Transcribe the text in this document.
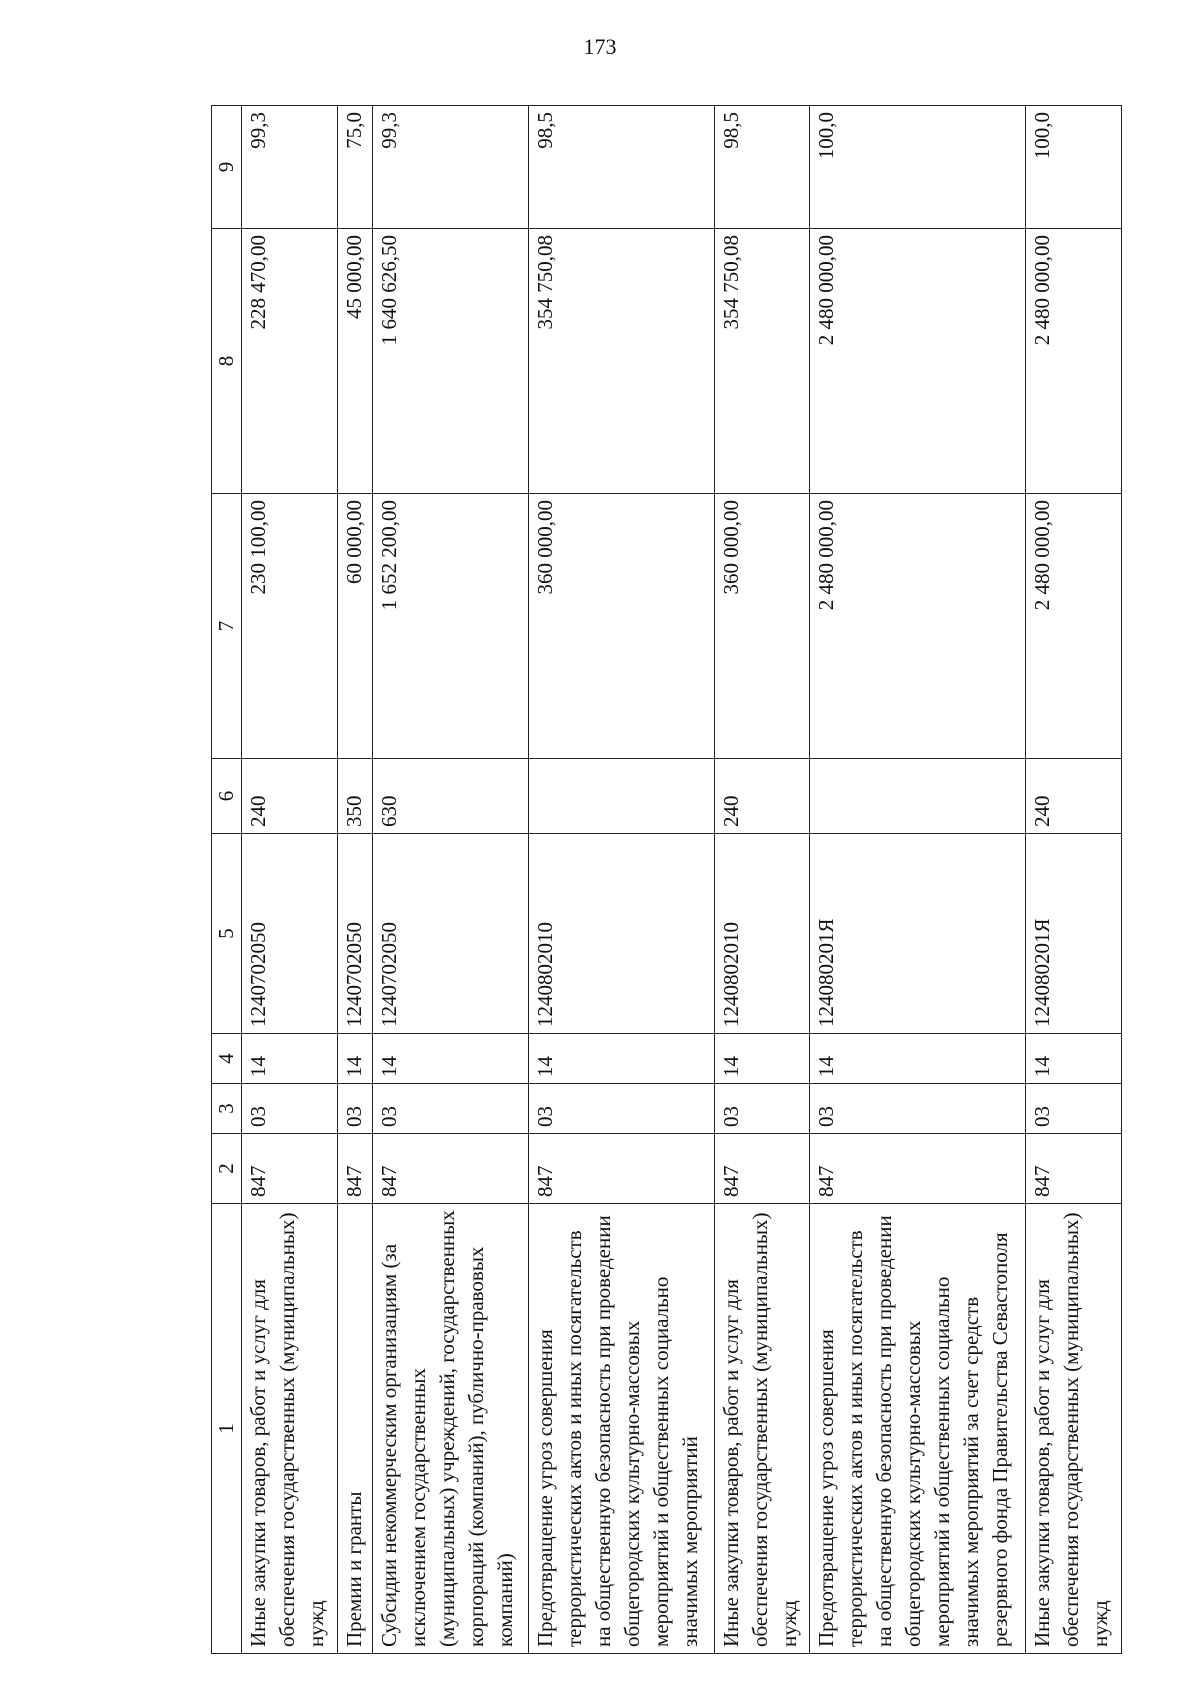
173
1	2	3	4	5	6	7	8	9
Иные закупки товаров, работ и услуг для обеспечения государственных (муниципальных) нужд	847	03	14	1240702050	240	230 100,00	228 470,00	99,3
Премии и гранты	847	03	14	1240702050	350	60 000,00	45 000,00	75,0
Субсидии некоммерческим организациям (за исключением государственных (муниципальных) учреждений, государственных корпораций (компаний), публично-правовых компаний)	847	03	14	1240702050	630	1 652 200,00	1 640 626,50	99,3
Предотвращение угроз совершения террористических актов и иных посягательств на общественную безопасность при проведении общегородских культурно-массовых мероприятий и общественных социально значимых мероприятий	847	03	14	1240802010		360 000,00	354 750,08	98,5
Иные закупки товаров, работ и услуг для обеспечения государственных (муниципальных) нужд	847	03	14	1240802010	240	360 000,00	354 750,08	98,5
Предотвращение угроз совершения террористических актов и иных посягательств на общественную безопасность при проведении общегородских культурно-массовых мероприятий и общественных социально значимых мероприятий за счет средств резервного фонда Правительства Севастополя	847	03	14	124080201Я		2 480 000,00	2 480 000,00	100,0
Иные закупки товаров, работ и услуг для обеспечения государственных (муниципальных) нужд	847	03	14	124080201Я	240	2 480 000,00	2 480 000,00	100,0
